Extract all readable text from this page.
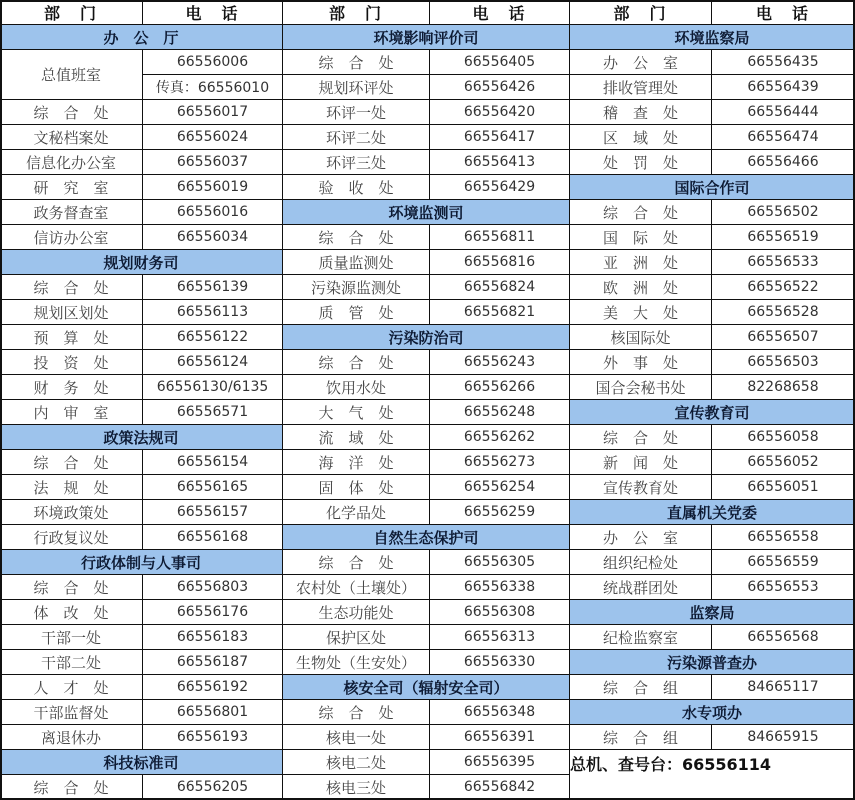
部　门	电　话
办　公　厅
总值班室
66556006
传真：66556010
综　合　处	66556017
文秘档案处	66556024
信息化办公室	66556037
研　究　室	66556019
政务督查室	66556016
信访办公室	66556034
规划财务司
综　合　处	66556139
规划区划处	66556113
预　算　处	66556122
投　资　处	66556124
财　务　处	66556130/6135
内　审　室	66556571
政策法规司
综　合　处	66556154
法　规　处	66556165
环境政策处	66556157
行政复议处	66556168
行政体制与人事司
综　合　处	66556803
体　改　处	66556176
干部一处	66556183
干部二处	66556187
人　才　处	66556192
干部监督处	66556801
离退休办	66556193
科技标准司
综　合　处	66556205
部　门	电　话
环境影响评价司
综　合　处	66556405
规划环评处	66556426
环评一处	66556420
环评二处	66556417
环评三处	66556413
验　收　处	66556429
环境监测司
综　合　处	66556811
质量监测处	66556816
污染源监测处	66556824
质　管　处	66556821
污染防治司
综　合　处	66556243
饮用水处	66556266
大　气　处	66556248
流　域　处	66556262
海　洋　处	66556273
固　体　处	66556254
化学品处	66556259
自然生态保护司
综　合　处	66556305
农村处（土壤处）	66556338
生态功能处	66556308
保护区处	66556313
生物处（生安处）	66556330
核安全司（辐射安全司）
综　合　处	66556348
核电一处	66556391
核电二处	66556395
核电三处	66556842
部　门	电　话
环境监察局
办　公　室	66556435
排收管理处	66556439
稽　查　处	66556444
区　域　处	66556474
处　罚　处	66556466
国际合作司
综　合　处	66556502
国　际　处	66556519
亚　洲　处	66556533
欧　洲　处	66556522
美　大　处	66556528
核国际处	66556507
外　事　处	66556503
国合会秘书处	82268658
宣传教育司
综　合　处	66556058
新　闻　处	66556052
宣传教育处	66556051
直属机关党委
办　公　室	66556558
组织纪检处	66556559
统战群团处	66556553
监察局
纪检监察室	66556568
污染源普查办
综　合　组	84665117
水专项办
综　合　组	84665915
总机、查号台：66556114
